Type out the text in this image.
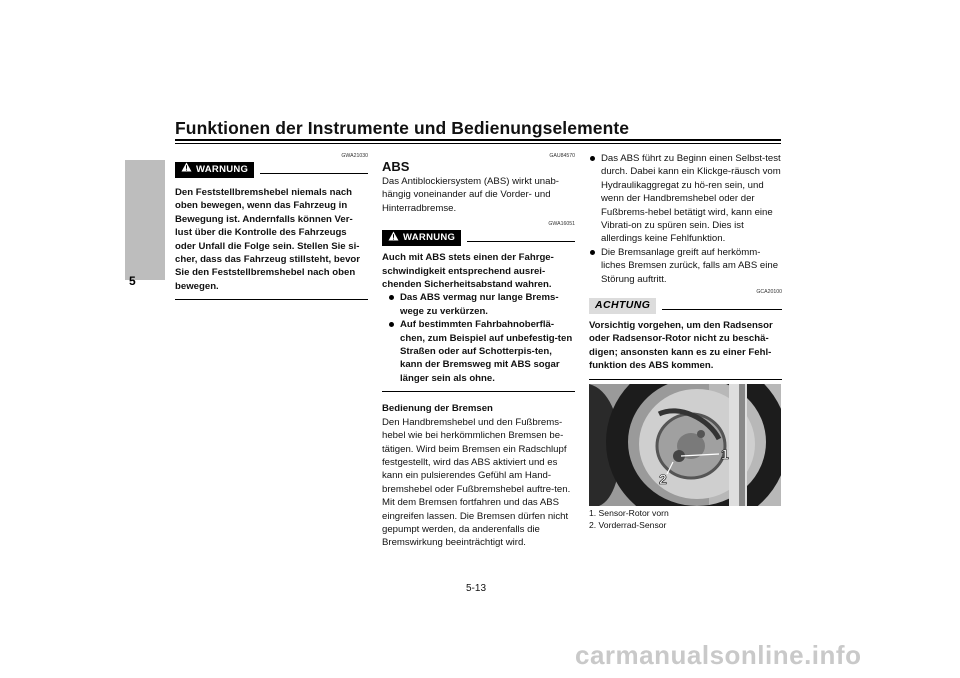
Funktionen der Instrumente und Bedienungselemente
5
GWA21030
WARNUNG
Den Feststellbremshebel niemals nach oben bewegen, wenn das Fahrzeug in Bewegung ist. Andernfalls können Ver-lust über die Kontrolle des Fahrzeugs oder Unfall die Folge sein. Stellen Sie si-cher, dass das Fahrzeug stillsteht, bevor Sie den Feststellbremshebel nach oben bewegen.
GAU84570
ABS
Das Antiblockiersystem (ABS) wirkt unab-hängig voneinander auf die Vorder- und Hinterradbremse.
GWA16051
WARNUNG
Auch mit ABS stets einen der Fahrge-schwindigkeit entsprechend ausrei-chenden Sicherheitsabstand wahren.
Das ABS vermag nur lange Brems-wege zu verkürzen.
Auf bestimmten Fahrbahnoberflä-chen, zum Beispiel auf unbefestig-ten Straßen oder auf Schotterpis-ten, kann der Bremsweg mit ABS sogar länger sein als ohne.
Bedienung der Bremsen
Den Handbremshebel und den Fußbrems-hebel wie bei herkömmlichen Bremsen be-tätigen. Wird beim Bremsen ein Radschlupf festgestellt, wird das ABS aktiviert und es kann ein pulsierendes Gefühl am Hand-bremshebel oder Fußbremshebel auftre-ten. Mit dem Bremsen fortfahren und das ABS eingreifen lassen. Die Bremsen dürfen nicht gepumpt werden, da anderenfalls die Bremswirkung beeinträchtigt wird.
Das ABS führt zu Beginn einen Selbst-test durch. Dabei kann ein Klickge-räusch vom Hydraulikaggregat zu hö-ren sein, und wenn der Handbremshebel oder der Fußbrems-hebel betätigt wird, kann eine Vibrati-on zu spüren sein. Dies ist allerdings keine Fehlfunktion.
Die Bremsanlage greift auf herkömm-liches Bremsen zurück, falls am ABS eine Störung auftritt.
GCA20100
ACHTUNG
Vorsichtig vorgehen, um den Radsensor oder Radsensor-Rotor nicht zu beschä-digen; ansonsten kann es zu einer Fehl-funktion des ABS kommen.
1
2
1. Sensor-Rotor vorn
2. Vorderrad-Sensor
5-13
carmanualsonline.info
